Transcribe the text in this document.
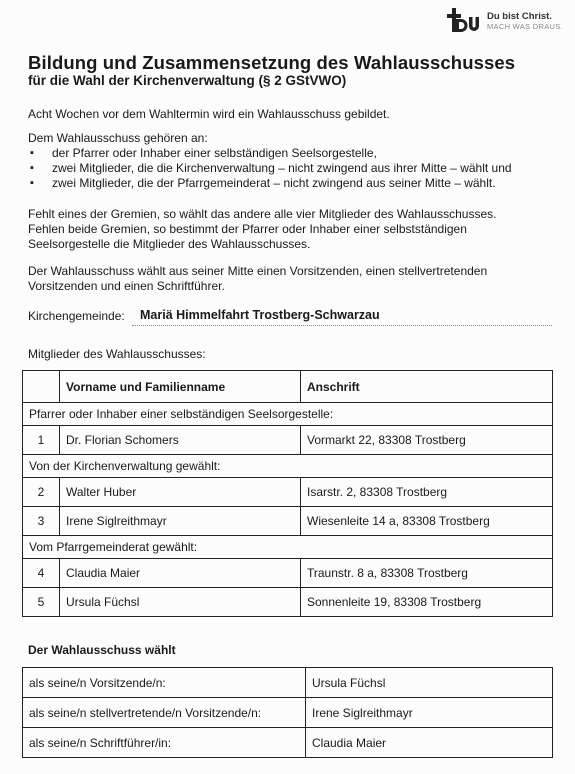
Du bist Christ.
MACH WAS DRAUS.
Bildung und Zusammensetzung des Wahlausschusses
für die Wahl der Kirchenverwaltung (§ 2 GStVWO)
Acht Wochen vor dem Wahltermin wird ein Wahlausschuss gebildet.
Dem Wahlausschuss gehören an:
▪ der Pfarrer oder Inhaber einer selbständigen Seelsorgestelle,
▪ zwei Mitglieder, die die Kirchenverwaltung – nicht zwingend aus ihrer Mitte – wählt und
▪ zwei Mitglieder, die der Pfarrgemeinderat – nicht zwingend aus seiner Mitte – wählt.
Fehlt eines der Gremien, so wählt das andere alle vier Mitglieder des Wahlausschusses.
Fehlen beide Gremien, so bestimmt der Pfarrer oder Inhaber einer selbstständigen
Seelsorgestelle die Mitglieder des Wahlausschusses.
Der Wahlausschuss wählt aus seiner Mitte einen Vorsitzenden, einen stellvertretenden
Vorsitzenden und einen Schriftführer.
Kirchengemeinde: Mariä Himmelfahrt Trostberg-Schwarzau
Mitglieder des Wahlausschusses:
	Vorname und Familienname	Anschrift
Pfarrer oder Inhaber einer selbständigen Seelsorgestelle:		
1	Dr. Florian Schomers	Vormarkt 22, 83308 Trostberg
Von der Kirchenverwaltung gewählt:		
2	Walter Huber	Isarstr. 2, 83308 Trostberg
3	Irene Siglreithmayr	Wiesenleite 14 a, 83308 Trostberg
Vom Pfarrgemeinderat gewählt:		
4	Claudia Maier	Traunstr. 8 a, 83308 Trostberg
5	Ursula Füchsl	Sonnenleite 19, 83308 Trostberg
Der Wahlausschuss wählt
als seine/n Vorsitzende/n:	Ursula Füchsl
als seine/n stellvertretende/n Vorsitzende/n:	Irene Siglreithmayr
als seine/n Schriftführer/in:	Claudia Maier
